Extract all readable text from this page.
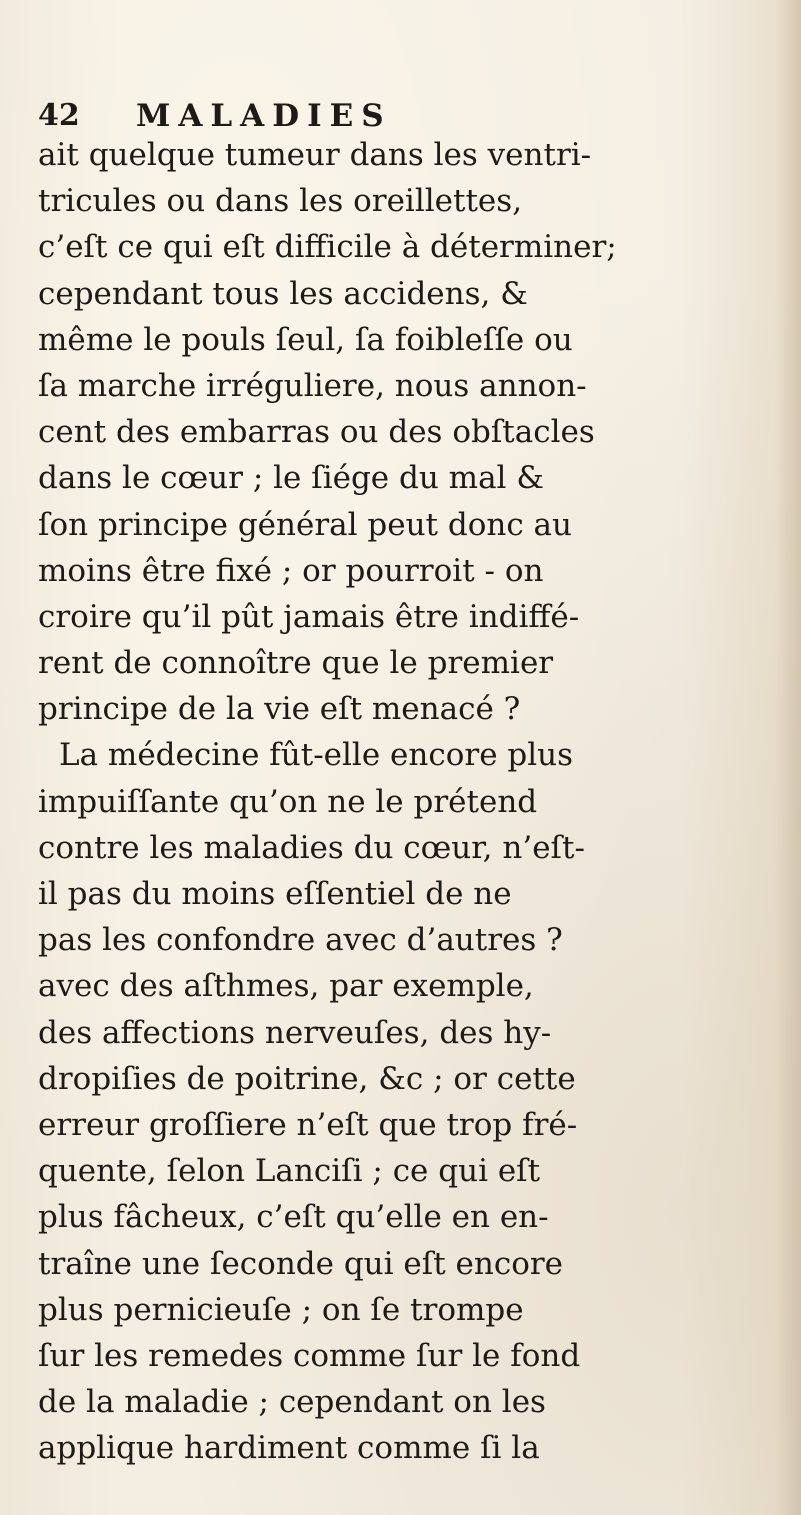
42 MALADIES
ait quelque tumeur dans les ventri-
tricules ou dans les oreillettes,
c’eſt ce qui eſt difficile à déterminer;
cependant tous les accidens, &
même le pouls ſeul, ſa foibleſſe ou
ſa marche irréguliere, nous annon-
cent des embarras ou des obſtacles
dans le cœur ; le ſiége du mal &
ſon principe général peut donc au
moins être fixé ; or pourroit - on
croire qu’il pût jamais être indiffé-
rent de connoître que le premier
principe de la vie eſt menacé ?
La médecine fût-elle encore plus
impuiſſante qu’on ne le prétend
contre les maladies du cœur, n’eſt-
il pas du moins eſſentiel de ne
pas les confondre avec d’autres ?
avec des aſthmes, par exemple,
des affections nerveuſes, des hy-
dropiſies de poitrine, &c ; or cette
erreur groſſiere n’eſt que trop fré-
quente, ſelon Lanciſi ; ce qui eſt
plus fâcheux, c’eſt qu’elle en en-
traîne une ſeconde qui eſt encore
plus pernicieuſe ; on ſe trompe
ſur les remedes comme ſur le fond
de la maladie ; cependant on les
applique hardiment comme ſi la
